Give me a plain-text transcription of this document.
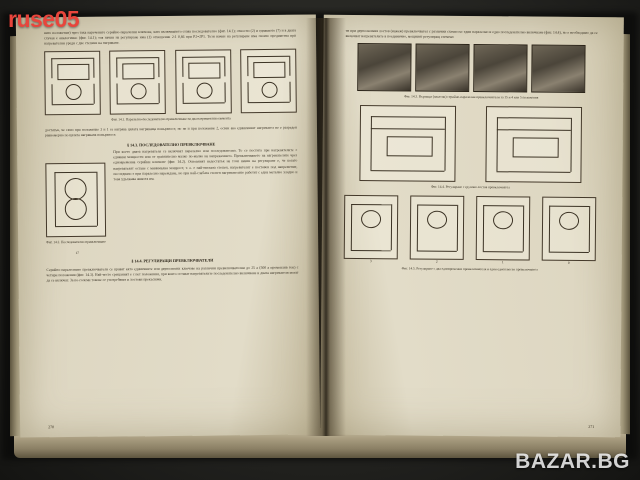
ните положение) чрез така наречените серийно-паралелни ключове, като включването става последователно (фиг. 14.1); относно (2) и еднаквото (7) и в двата случая е аналогично (фиг. 14.1); тоя начин на регулиране има (1) отношение 2:1 0,66 при P2=2P1. Този начин на регулиране има своите предимства при нагревателни уреди с две степени на нагряване.
Фиг. 14.1. Паралелно-последователно превключване на два нагревателни елемента
достатък, че само при положение 3 и 1 се нагрява цялата нагряваща повърхност, но не и при положение 2, освен ако единичният нагревател не е разреден равномерно по цялата нагрявана повърхност.
§ 14.3. ПОСЛЕДОВАТЕЛНО ПРЕВКЛЮЧВАНЕ
Фиг. 14.2. Последователно превключване
17
При което двата нагревателя се включват паралелно или последователно. То се постига при нагревателите с еднакви мощности или от сравнително малко по-малко на напрежението. Превключването на нагревателите чрез едновременна серийни ключове (фиг. 14.2). Основният недостатък на този начин на регулиране е, че когато нагревателят остане с минимална мощност, т. е. е най-ниската степен, нагревателят е поставен под напрежение, последвано е при паралелно нареждане, но при най-слабата степен нагревателите работят с една метално хладно и това удължава живота им.
§ 14.4. РЕГУЛИРАЩИ ПРЕВКЛЮЧВАТЕЛИ
Серийно-паралелните превключватели се правят като единичните или двуполюсни ключове на различни превключвателни до 25 a (500 a променлив ток) с четири положения (фиг. 14.3). Най-често срещаният е с пет положения, при които остават нагревателите последователно включване и двата нагревателя могат да се включат. За по-големи токове се употребяват и лостови прекъсвачи.
270
ти при двуполюсния лостов (нажеж) превключвател с различни схеми със един паралелно и едно последователно включване (фиг. 14.4), но е необходимо да се включват нагревателите в поединично, мощният регулиращ елемент.
Фиг. 14.3. Въртящи (пакетни) серийно-паралелни превключватели за 15 и 4 или 5 положения
Фиг. 14.4. Регулиране с групово лостов превключвател
3	2	1	0
Фиг. 14.5. Регулиране с два едновременни превключвателя и един едноплюсен превключвател
271
ruse05
BAZAR.BG
